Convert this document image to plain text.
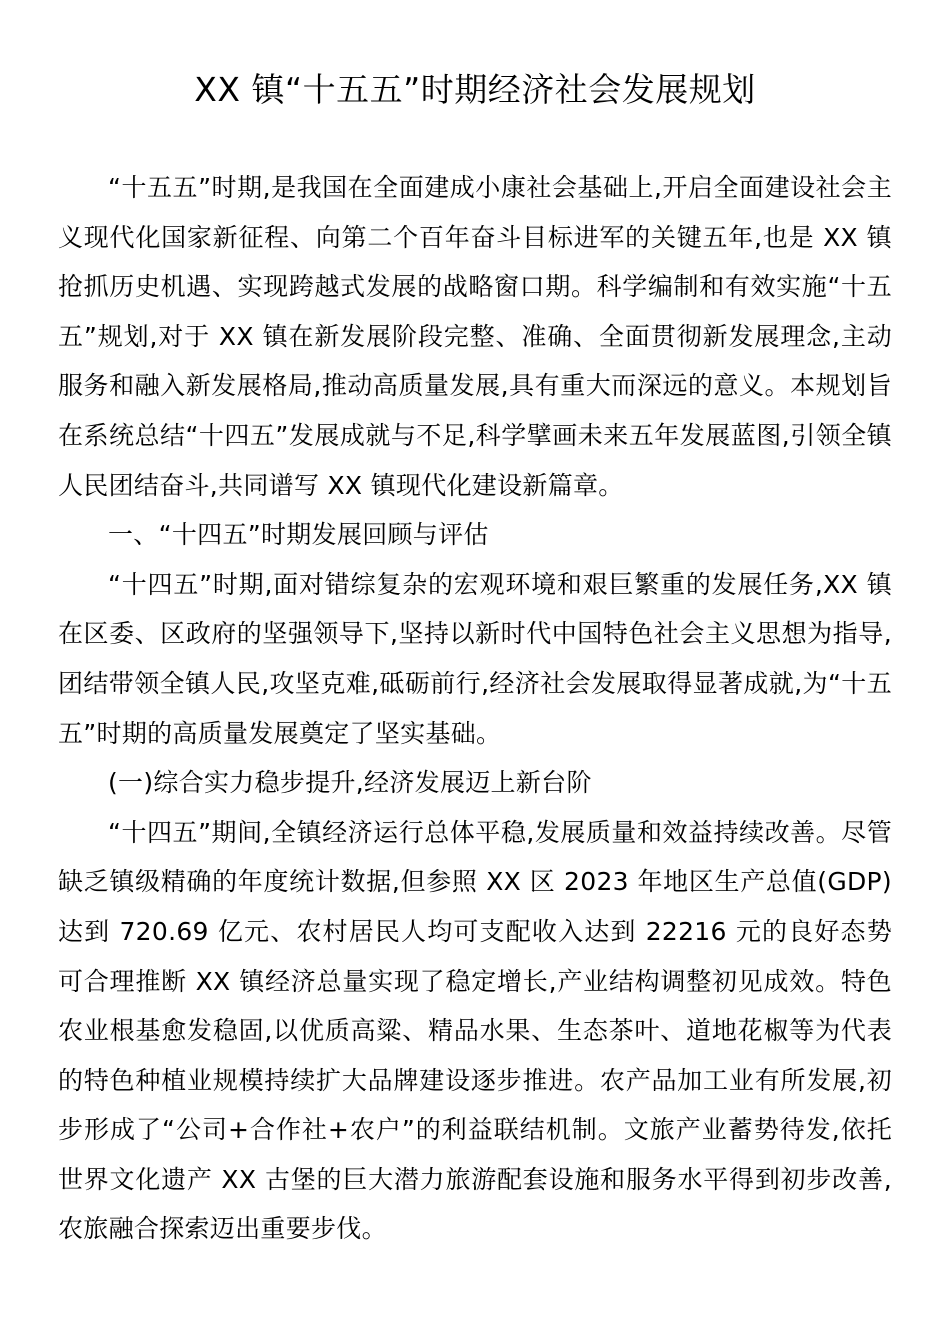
XX 镇“十五五”时期经济社会发展规划

“十五五”时期,是我国在全面建成小康社会基础上,开启全面建设社会主义现代化国家新征程、向第二个百年奋斗目标进军的关键五年,也是 XX 镇抢抓历史机遇、实现跨越式发展的战略窗口期。科学编制和有效实施“十五五”规划,对于 XX 镇在新发展阶段完整、准确、全面贯彻新发展理念,主动服务和融入新发展格局,推动高质量发展,具有重大而深远的意义。本规划旨在系统总结“十四五”发展成就与不足,科学擘画未来五年发展蓝图,引领全镇人民团结奋斗,共同谱写 XX 镇现代化建设新篇章。

一、“十四五”时期发展回顾与评估

“十四五”时期,面对错综复杂的宏观环境和艰巨繁重的发展任务,XX 镇在区委、区政府的坚强领导下,坚持以新时代中国特色社会主义思想为指导,团结带领全镇人民,攻坚克难,砥砺前行,经济社会发展取得显著成就,为“十五五”时期的高质量发展奠定了坚实基础。

(一)综合实力稳步提升,经济发展迈上新台阶

“十四五”期间,全镇经济运行总体平稳,发展质量和效益持续改善。尽管缺乏镇级精确的年度统计数据,但参照 XX 区 2023 年地区生产总值(GDP)达到 720.69 亿元、农村居民人均可支配收入达到 22216 元的良好态势可合理推断 XX 镇经济总量实现了稳定增长,产业结构调整初见成效。特色农业根基愈发稳固,以优质高粱、精品水果、生态茶叶、道地花椒等为代表的特色种植业规模持续扩大品牌建设逐步推进。农产品加工业有所发展,初步形成了“公司+合作社+农户”的利益联结机制。文旅产业蓄势待发,依托世界文化遗产 XX 古堡的巨大潜力旅游配套设施和服务水平得到初步改善,农旅融合探索迈出重要步伐。
